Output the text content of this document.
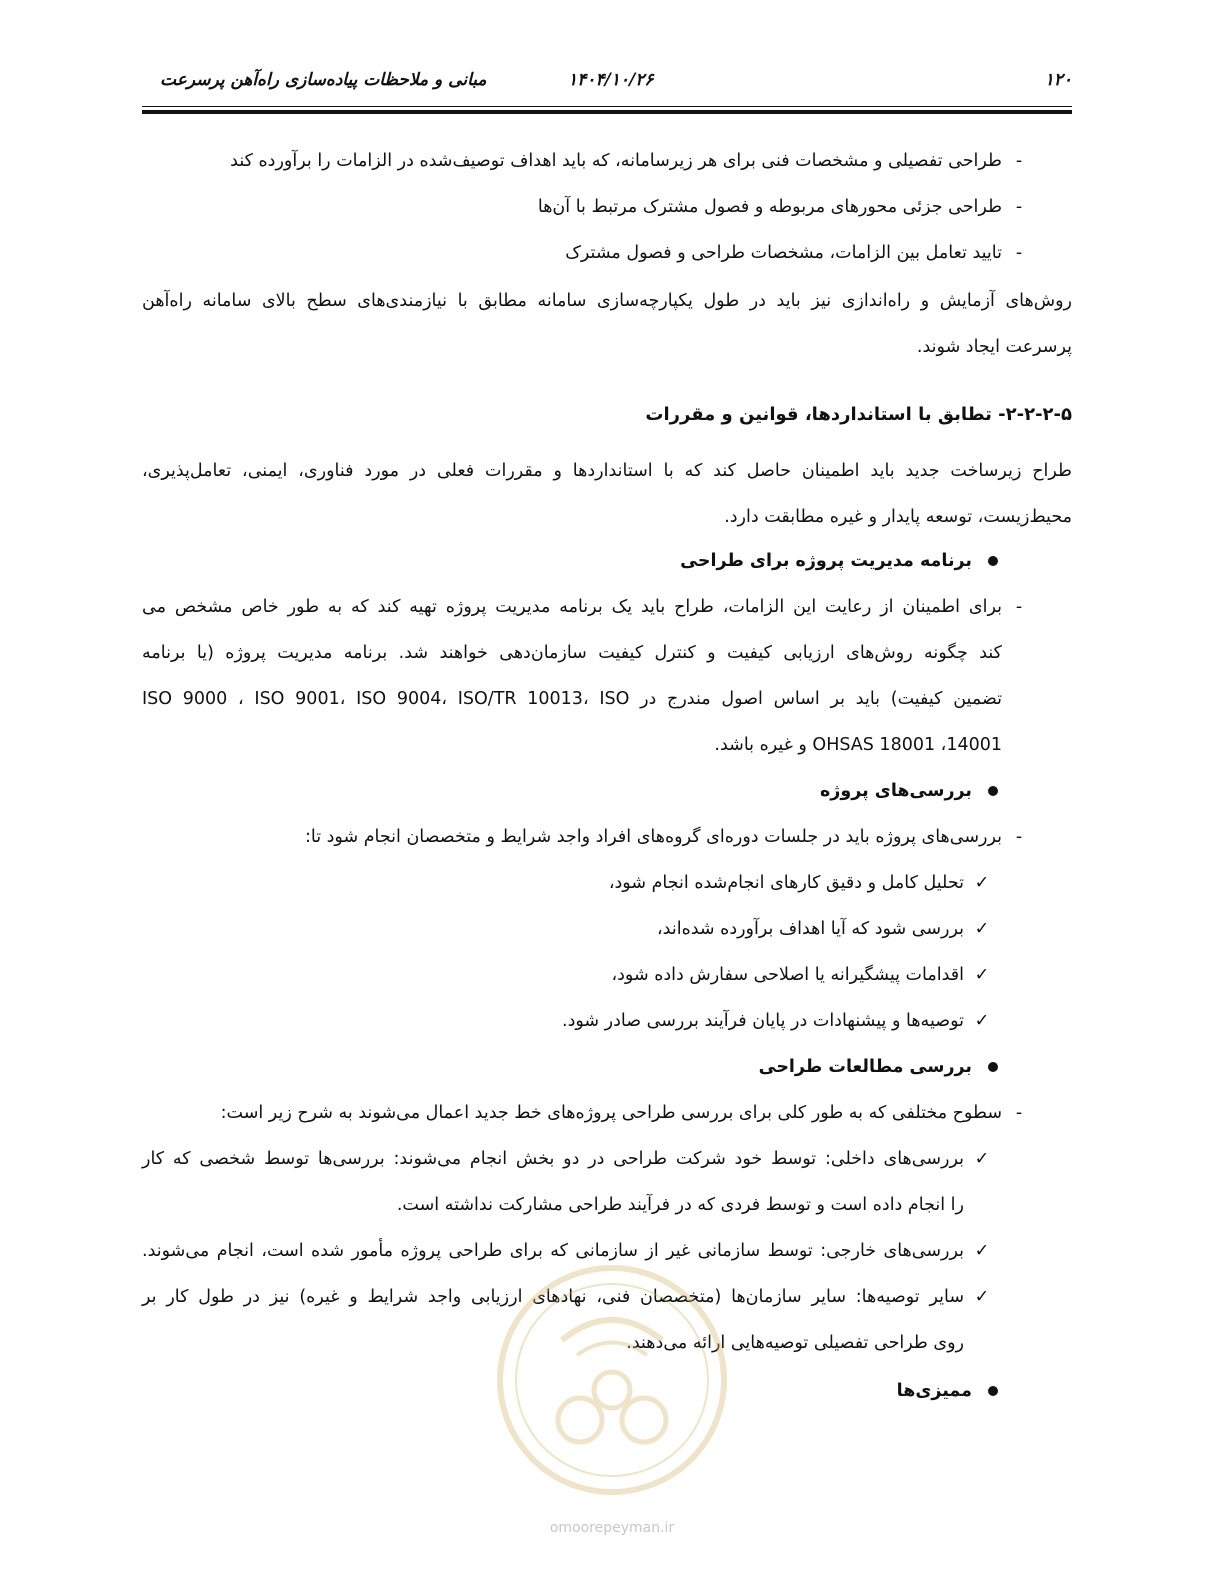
۱۲۰
۱۴۰۴/۱۰/۲۶
مبانی و ملاحظات پیاده‌سازی راه‌آهن پرسرعت
-
طراحی تفصیلی و مشخصات فنی برای هر زیرسامانه، که باید اهداف توصیف‌شده در الزامات را برآورده کند
-
طراحی جزئی محورهای مربوطه و فصول مشترک مرتبط با آن‌ها
-
تایید تعامل بین الزامات، مشخصات طراحی و فصول مشترک
روش‌های آزمایش و راه‌اندازی نیز باید در طول یکپارچه‌سازی سامانه مطابق با نیازمندی‌های سطح بالای سامانه راه‌آهن
پرسرعت ایجاد شوند.
۲-۲-۲-۵- تطابق با استانداردها، قوانین و مقررات
طراح زیرساخت جدید باید اطمینان حاصل کند که با استانداردها و مقررات فعلی در مورد فناوری، ایمنی، تعامل‌پذیری،
محیط‌زیست، توسعه پایدار و غیره مطابقت دارد.
برنامه مدیریت پروژه برای طراحی
-
برای اطمینان از رعایت این الزامات، طراح باید یک برنامه مدیریت پروژه تهیه کند که به طور خاص مشخص می
کند چگونه روش‌های ارزیابی کیفیت و کنترل کیفیت سازمان‌دهی خواهند شد. برنامه مدیریت پروژه (یا برنامه
تضمین کیفیت) باید بر اساس اصول مندرج در ISO 9000 ، ISO 9001، ISO 9004، ISO/TR 10013، ISO
14001، OHSAS 18001 و غیره باشد.
بررسی‌های پروژه
-
بررسی‌های پروژه باید در جلسات دوره‌ای گروه‌های افراد واجد شرایط و متخصصان انجام شود تا:
✓
تحلیل کامل و دقیق کارهای انجام‌شده انجام شود،
✓
بررسی شود که آیا اهداف برآورده شده‌اند،
✓
اقدامات پیشگیرانه یا اصلاحی سفارش داده شود،
✓
توصیه‌ها و پیشنهادات در پایان فرآیند بررسی صادر شود.
بررسی مطالعات طراحی
-
سطوح مختلفی که به طور کلی برای بررسی طراحی پروژه‌های خط جدید اعمال می‌شوند به شرح زیر است:
✓
بررسی‌های داخلی: توسط خود شرکت طراحی در دو بخش انجام می‌شوند: بررسی‌ها توسط شخصی که کار
را انجام داده است و توسط فردی که در فرآیند طراحی مشارکت نداشته است.
✓
بررسی‌های خارجی: توسط سازمانی غیر از سازمانی که برای طراحی پروژه مأمور شده است، انجام می‌شوند.
✓
سایر توصیه‌ها: سایر سازمان‌ها (متخصصان فنی، نهادهای ارزیابی واجد شرایط و غیره) نیز در طول کار بر
روی طراحی تفصیلی توصیه‌هایی ارائه می‌دهند.
ممیزی‌ها
omoorepeyman.ir
